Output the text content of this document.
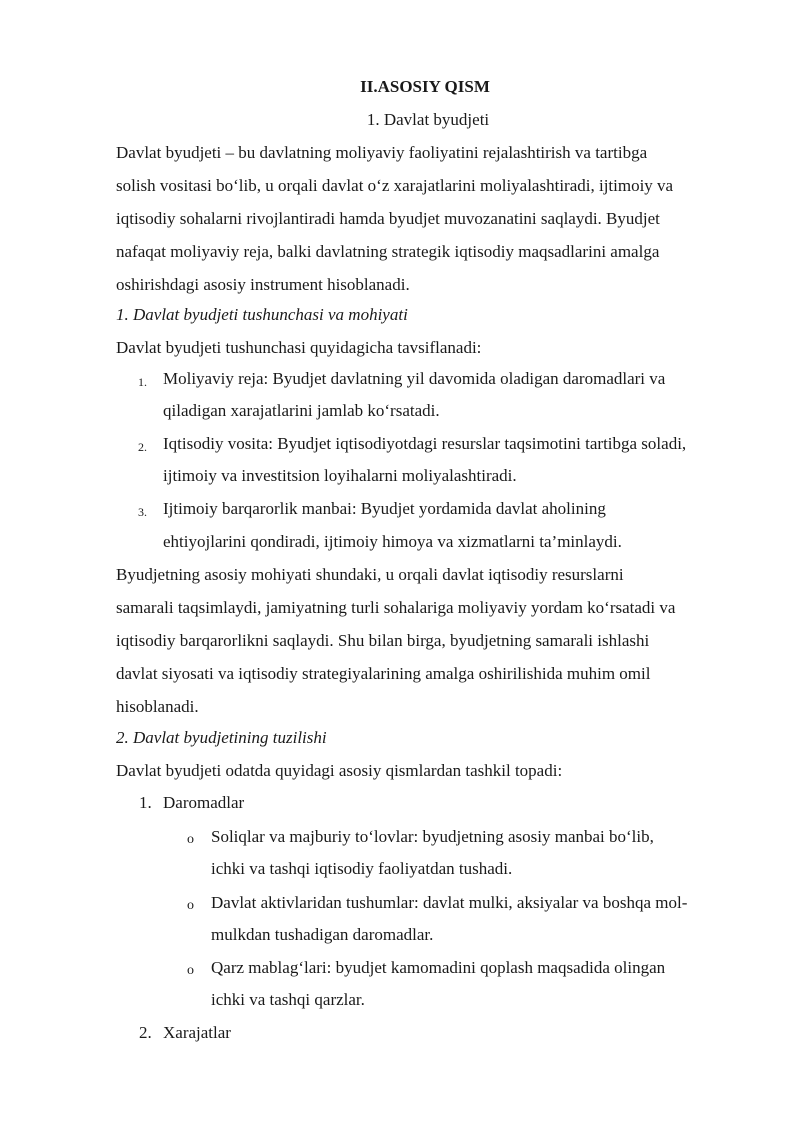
II.ASOSIY QISM
1. Davlat byudjeti
Davlat byudjeti – bu davlatning moliyaviy faoliyatini rejalashtirish va tartibga
solish vositasi bo‘lib, u orqali davlat o‘z xarajatlarini moliyalashtiradi, ijtimoiy va
iqtisodiy sohalarni rivojlantiradi hamda byudjet muvozanatini saqlaydi. Byudjet
nafaqat moliyaviy reja, balki davlatning strategik iqtisodiy maqsadlarini amalga
oshirishdagi asosiy instrument hisoblanadi.
1. Davlat byudjeti tushunchasi va mohiyati
Davlat byudjeti tushunchasi quyidagicha tavsiflanadi:
1. Moliyaviy reja: Byudjet davlatning yil davomida oladigan daromadlari va
qiladigan xarajatlarini jamlab ko‘rsatadi.
2. Iqtisodiy vosita: Byudjet iqtisodiyotdagi resurslar taqsimotini tartibga soladi,
ijtimoiy va investitsion loyihalarni moliyalashtiradi.
3. Ijtimoiy barqarorlik manbai: Byudjet yordamida davlat aholining
ehtiyojlarini qondiradi, ijtimoiy himoya va xizmatlarni ta’minlaydi.
Byudjetning asosiy mohiyati shundaki, u orqali davlat iqtisodiy resurslarni
samarali taqsimlaydi, jamiyatning turli sohalariga moliyaviy yordam ko‘rsatadi va
iqtisodiy barqarorlikni saqlaydi. Shu bilan birga, byudjetning samarali ishlashi
davlat siyosati va iqtisodiy strategiyalarining amalga oshirilishida muhim omil
hisoblanadi.
2. Davlat byudjetining tuzilishi
Davlat byudjeti odatda quyidagi asosiy qismlardan tashkil topadi:
1. Daromadlar
o Soliqlar va majburiy to‘lovlar: byudjetning asosiy manbai bo‘lib,
ichki va tashqi iqtisodiy faoliyatdan tushadi.
o Davlat aktivlaridan tushumlar: davlat mulki, aksiyalar va boshqa mol-
mulkdan tushadigan daromadlar.
o Qarz mablag‘lari: byudjet kamomadini qoplash maqsadida olingan
ichki va tashqi qarzlar.
2. Xarajatlar
